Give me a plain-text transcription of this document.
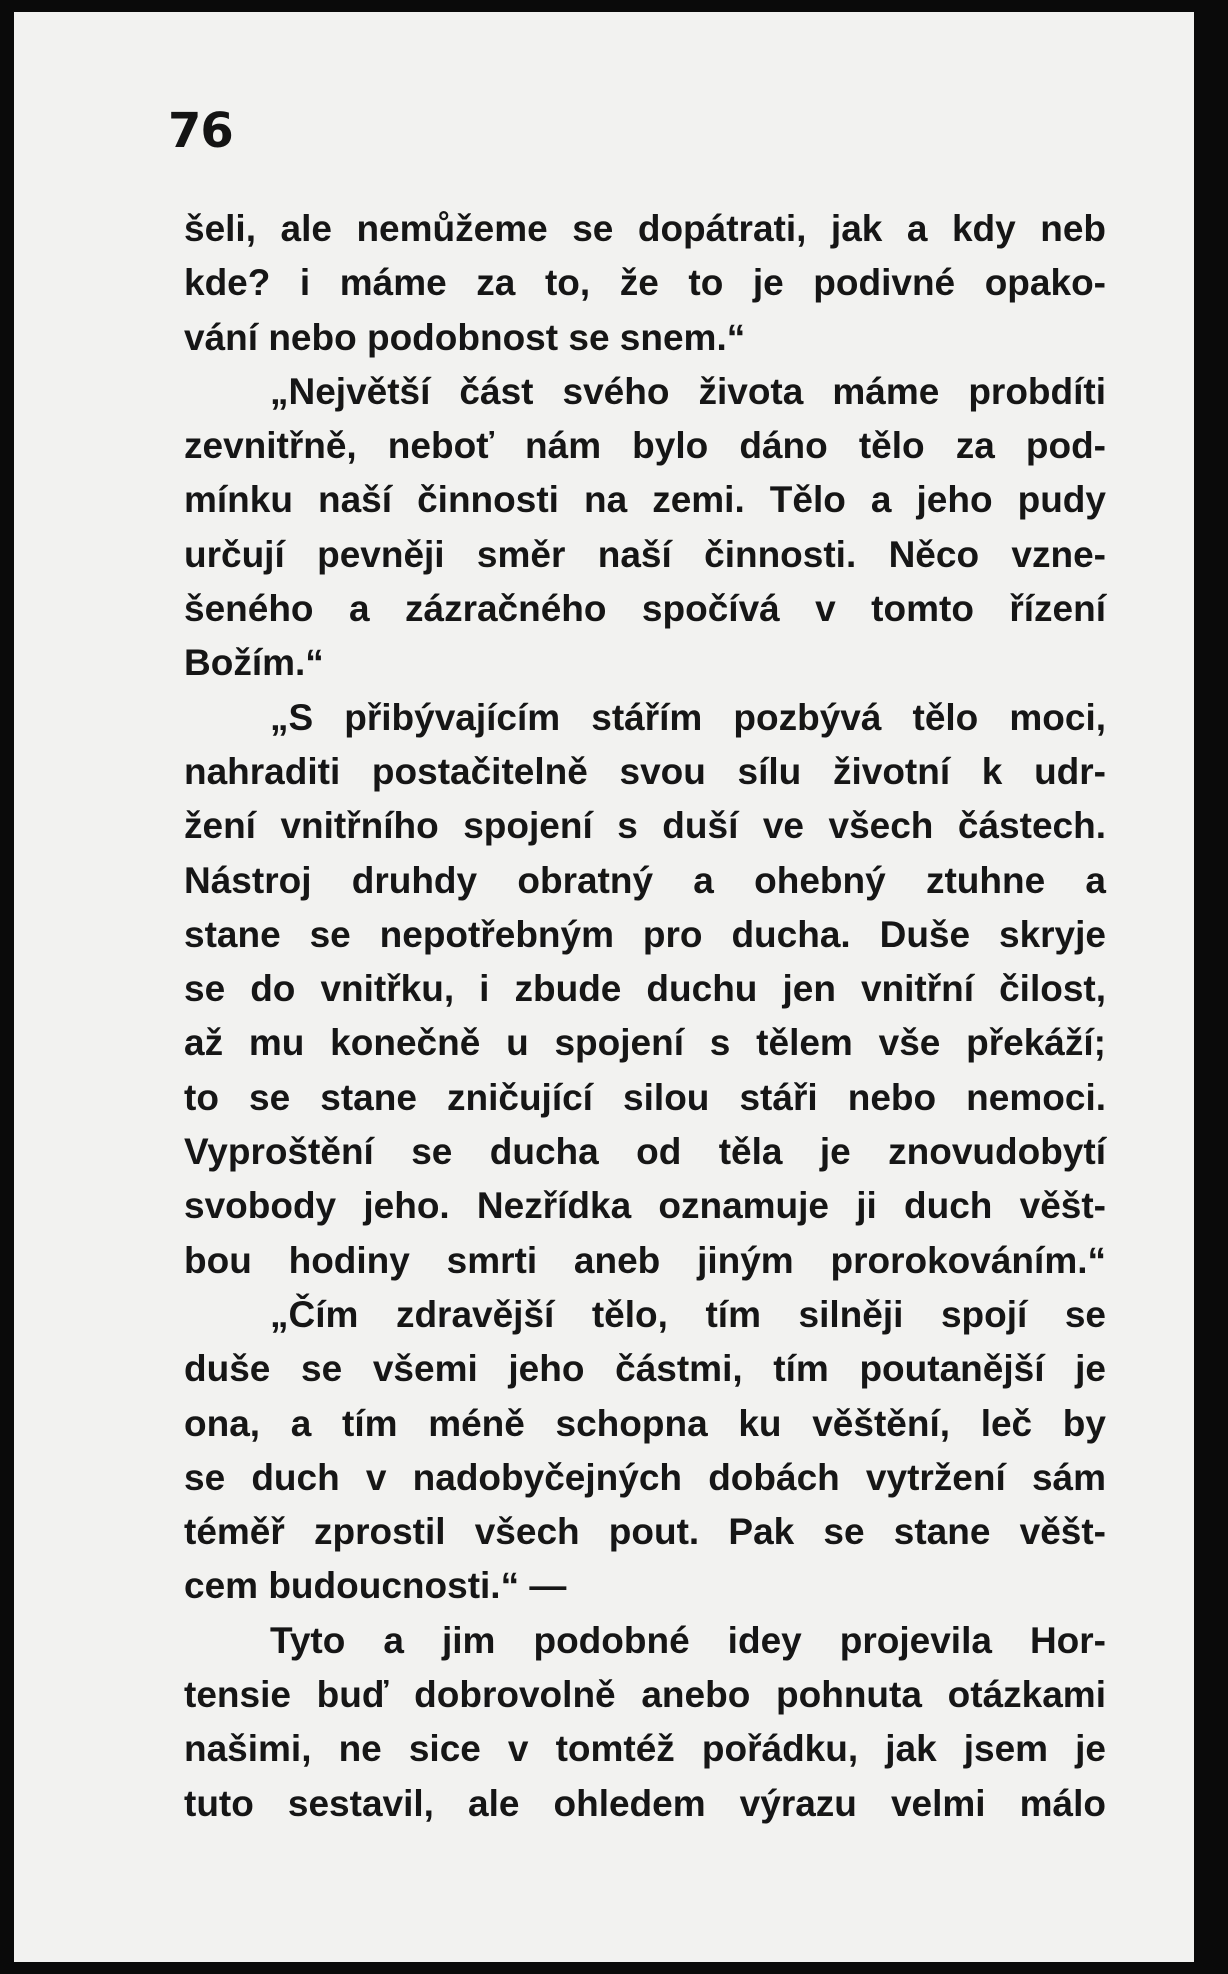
76
šeli, ale nemůžeme se dopátrati, jak a kdy neb
kde? i máme za to, že to je podivné opako-
vání nebo podobnost se snem.“
„Největší část svého života máme probdíti
zevnitřně, neboť nám bylo dáno tělo za pod-
mínku naší činnosti na zemi. Tělo a jeho pudy
určují pevněji směr naší činnosti. Něco vzne-
šeného a zázračného spočívá v tomto řízení
Božím.“
„S přibývajícím stářím pozbývá tělo moci,
nahraditi postačitelně svou sílu životní k udr-
žení vnitřního spojení s duší ve všech částech.
Nástroj druhdy obratný a ohebný ztuhne a
stane se nepotřebným pro ducha. Duše skryje
se do vnitřku, i zbude duchu jen vnitřní čilost,
až mu konečně u spojení s tělem vše překáží;
to se stane zničující silou stáři nebo nemoci.
Vyproštění se ducha od těla je znovudobytí
svobody jeho. Nezřídka oznamuje ji duch věšt-
bou hodiny smrti aneb jiným prorokováním.“
„Čím zdravější tělo, tím silněji spojí se
duše se všemi jeho částmi, tím poutanější je
ona, a tím méně schopna ku věštění, leč by
se duch v nadobyčejných dobách vytržení sám
téměř zprostil všech pout. Pak se stane věšt-
cem budoucnosti.“ —
Tyto a jim podobné idey projevila Hor-
tensie buď dobrovolně anebo pohnuta otázkami
našimi, ne sice v tomtéž pořádku, jak jsem je
tuto sestavil, ale ohledem výrazu velmi málo
